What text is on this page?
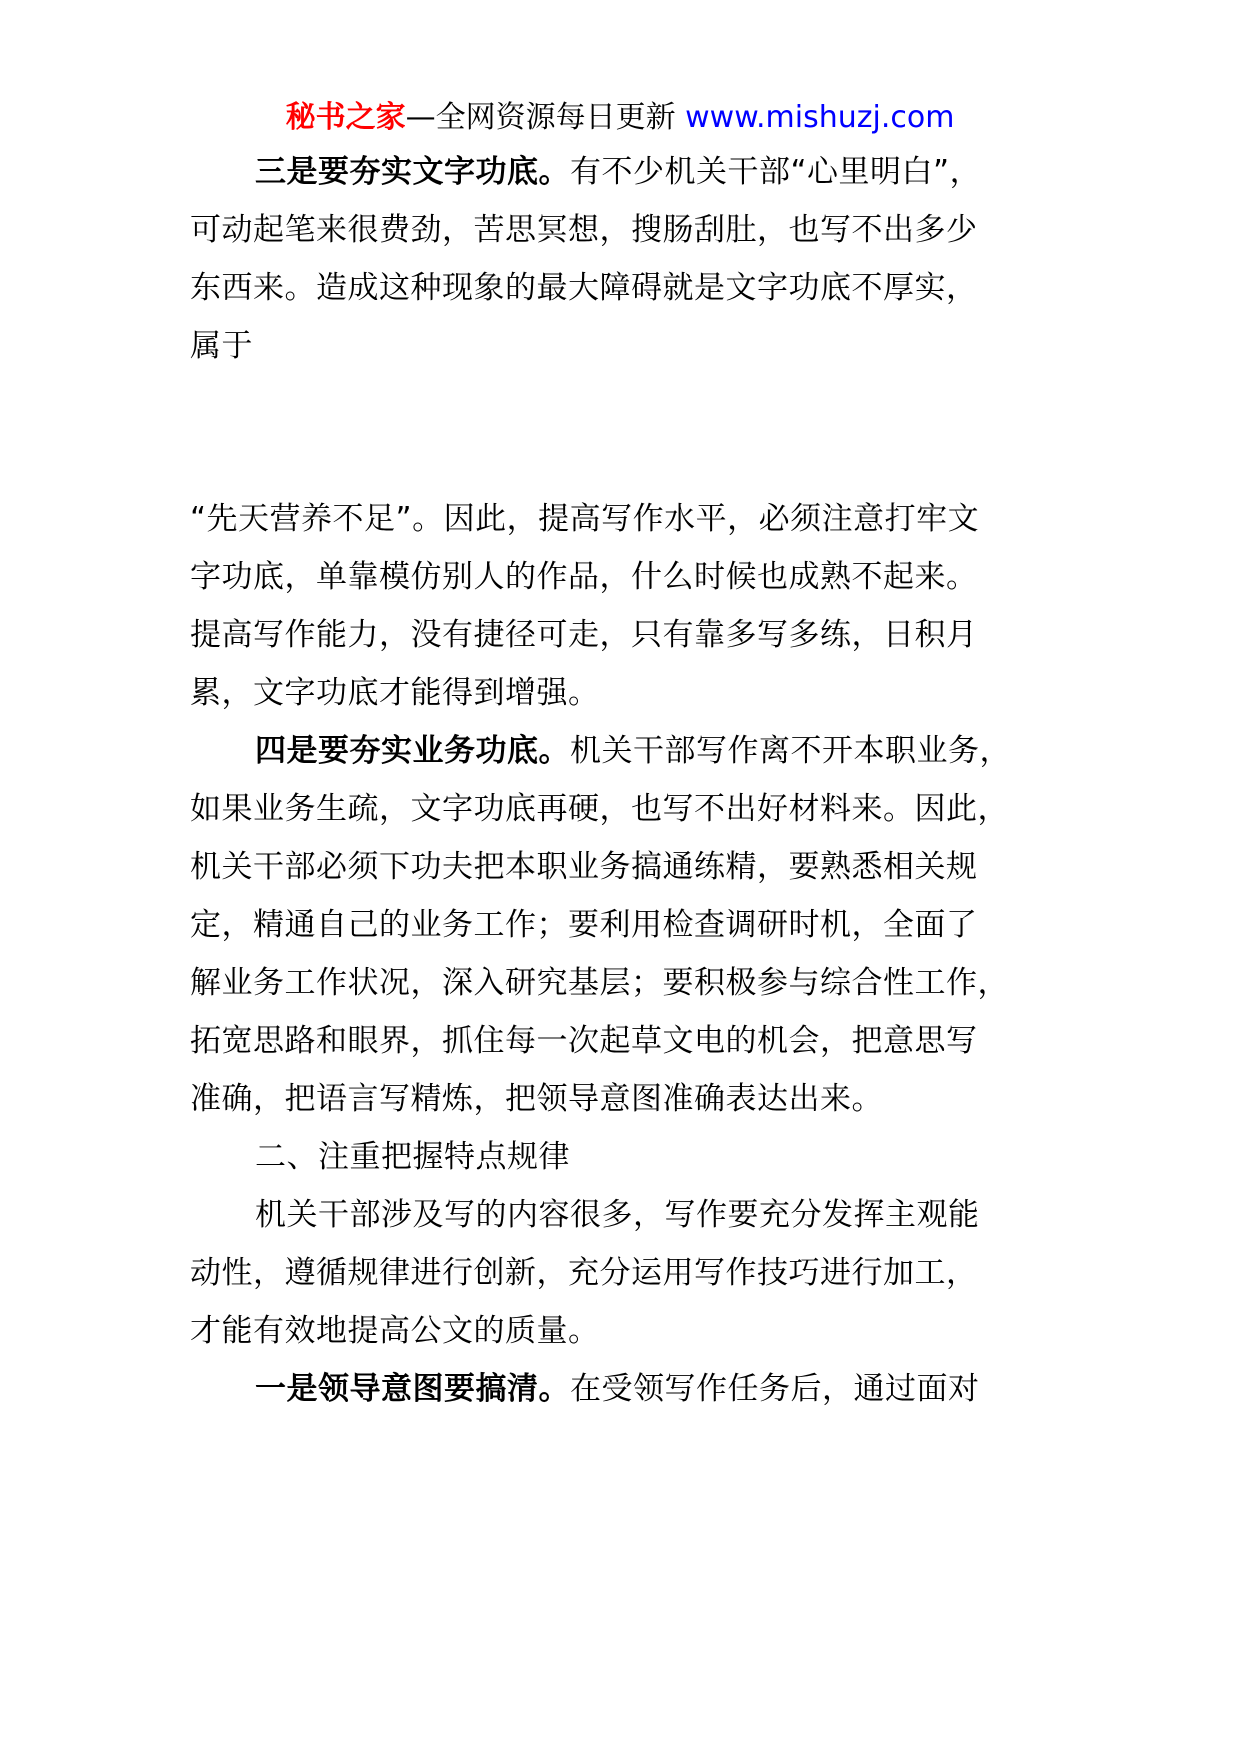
秘书之家—全网资源每日更新 www.mishuzj.com
三是要夯实文字功底。有不少机关干部“心里明白”，
可动起笔来很费劲，苦思冥想，搜肠刮肚，也写不出多少
东西来。造成这种现象的最大障碍就是文字功底不厚实，
属于
“先天营养不足”。因此，提高写作水平，必须注意打牢文
字功底，单靠模仿别人的作品，什么时候也成熟不起来。
提高写作能力，没有捷径可走，只有靠多写多练，日积月
累，文字功底才能得到增强。
四是要夯实业务功底。机关干部写作离不开本职业务，
如果业务生疏，文字功底再硬，也写不出好材料来。因此，
机关干部必须下功夫把本职业务搞通练精，要熟悉相关规
定，精通自己的业务工作；要利用检查调研时机，全面了
解业务工作状况，深入研究基层；要积极参与综合性工作，
拓宽思路和眼界，抓住每一次起草文电的机会，把意思写
准确，把语言写精炼，把领导意图准确表达出来。
二、注重把握特点规律
机关干部涉及写的内容很多，写作要充分发挥主观能
动性，遵循规律进行创新，充分运用写作技巧进行加工，
才能有效地提高公文的质量。
一是领导意图要搞清。在受领写作任务后，通过面对
